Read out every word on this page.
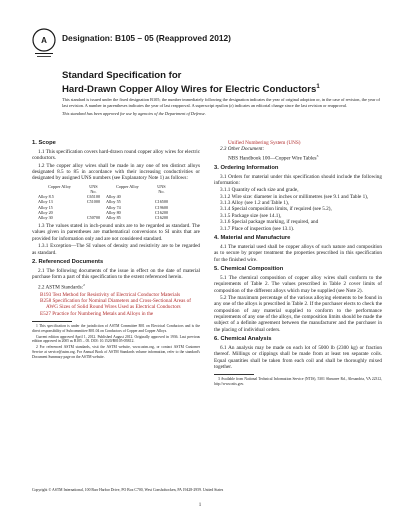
A Designation: B105 – 05 (Reapproved 2012)
Standard Specification for
Hard-Drawn Copper Alloy Wires for Electric Conductors$^1$
This standard is issued under the fixed designation B105; the number immediately following the designation indicates the year of original adoption or, in the case of revision, the year of last revision. A number in parentheses indicates the year of last reapproval. A superscript epsilon (ε) indicates an editorial change since the last revision or reapproval.
This standard has been approved for use by agencies of the Department of Defense.
1. Scope

1.1 This specification covers hard-drawn round copper alloy wires for electric conductors.

1.2 The copper alloy wires shall be made in any one of ten distinct alloys designated 8.5 to 85 in accordance with their increasing conductivities or designated by assigned UNS numbers (see Explanatory Note 1) as follows:

Copper Alloy	UNS	Copper Alloy	UNS
	No.		No.
Alloy 8.5	C65100	Alloy 40	
Alloy 13	C51000	Alloy 55	C16500
Alloy 15		Alloy 74	C19600
Alloy 20		Alloy 80	C16200
Alloy 30	C50700	Alloy 85	C16200

1.3 The values stated in inch-pound units are to be regarded as standard. The values given in parentheses are mathematical conversions to SI units that are provided for information only and are not considered standard.

1.3.1 Exception—The SI values of density and resistivity are to be regarded as standard.

2. Referenced Documents

2.1 The following documents of the issue in effect on the date of material purchase form a part of this specification to the extent referenced herein.

2.2 ASTM Standards:$^2$

B193 Test Method for Resistivity of Electrical Conductor Materials
B258 Specification for Nominal Diameters and Cross-Sectional Areas of AWG Sizes of Solid Round Wires Used as Electrical Conductors
E527 Practice for Numbering Metals and Alloys in the
1 This specification is under the jurisdiction of ASTM Committee B01 on Electrical Conductors and is the direct responsibility of Subcommittee B01.04 on Conductors of Copper and Copper Alloys.
Current edition approved April 1, 2012. Published August 2012. Originally approved in 1936. Last previous edition approved in 2005 as B105 – 05. DOI: 10.1520/B0105-05R12.
2 For referenced ASTM standards, visit the ASTM website, www.astm.org, or contact ASTM Customer Service at service@astm.org. For Annual Book of ASTM Standards volume information, refer to the standard's Document Summary page on the ASTM website.
Unified Numbering System (UNS)
2.3 Other Document:
NBS Handbook 100—Copper Wire Tables$^3$
3. Ordering Information

3.1 Orders for material under this specification should include the following information:

3.1.1 Quantity of each size and grade,
3.1.2 Wire size: diameter in inches or millimetres (see 9.1 and Table 1),
3.1.3 Alloy (see 1.2 and Table 1),
3.1.4 Special composition limits, if required (see 5.2),
3.1.5 Package size (see 14.1),
3.1.6 Special package marking, if required, and
3.1.7 Place of inspection (see 13.1).
4. Material and Manufacture

4.1 The material used shall be copper alloys of such nature and composition as to secure by proper treatment the properties prescribed in this specification for the finished wire.

5. Chemical Composition

5.1 The chemical composition of copper alloy wires shall conform to the requirements of Table 2. The values prescribed in Table 2 cover limits of composition of the different alloys which may be supplied (see Note 2).

5.2 The maximum percentage of the various alloying elements to be found in any one of the alloys is prescribed in Table 2. If the purchaser elects to check the composition of any material supplied to conform to the performance requirements of any one of the alloys, the composition limits should be made the subject of a definite agreement between the manufacturer and the purchaser in the placing of individual orders.

6. Chemical Analysis

6.1 An analysis may be made on each lot of 5000 lb (2300 kg) or fraction thereof. Millings or clippings shall be made from at least ten separate coils. Equal quantities shall be taken from each coil and shall be thoroughly mixed together.

3 Available from National Technical Information Service (NTIS), 5301 Shawnee Rd., Alexandria, VA 22312, http://www.ntis.gov.
Copyright © ASTM International, 100 Barr Harbor Drive, PO Box C700, West Conshohocken, PA 19428-2959. United States
1
